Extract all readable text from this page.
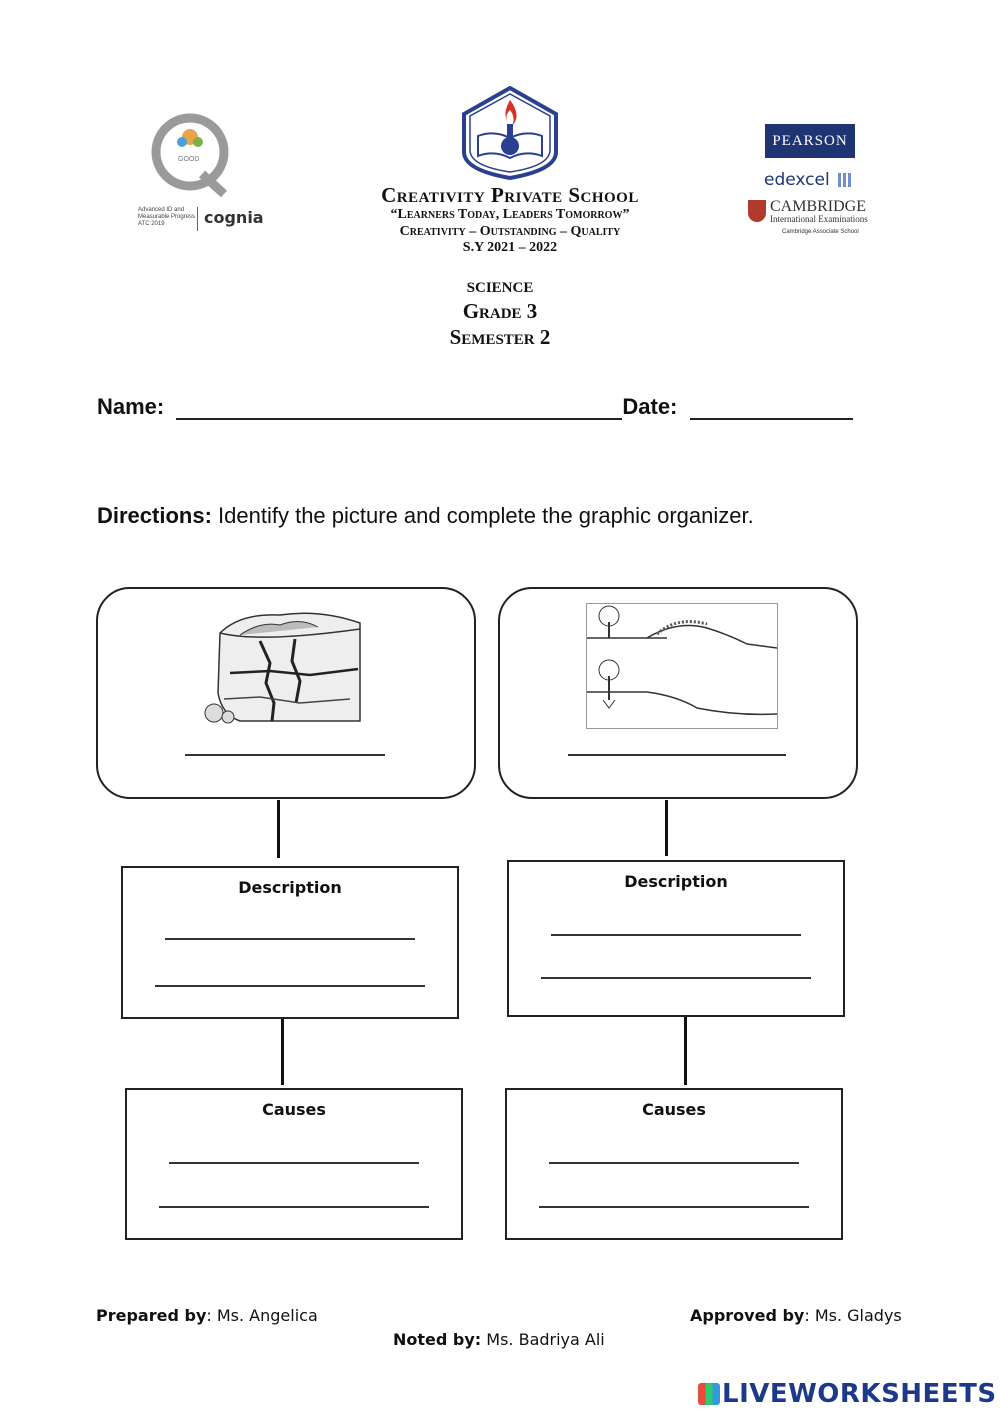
GOOD
Advanced ID and Measurable Progress ATC 2019	cognia
Creativity Private School
“Learners Today, Leaders Tomorrow”
Creativity – Outstanding – Quality
S.Y 2021 – 2022
PEARSON
edexcel
CAMBRIDGE
International Examinations
Cambridge Associate School
science
Grade 3
Semester 2
Name:	Date:
Directions: Identify the picture and complete the graphic organizer.
Description	Description
Causes	Causes
Prepared by: Ms. Angelica	Approved by: Ms. Gladys
Noted by: Ms. Badriya Ali
LIVEWORKSHEETS
